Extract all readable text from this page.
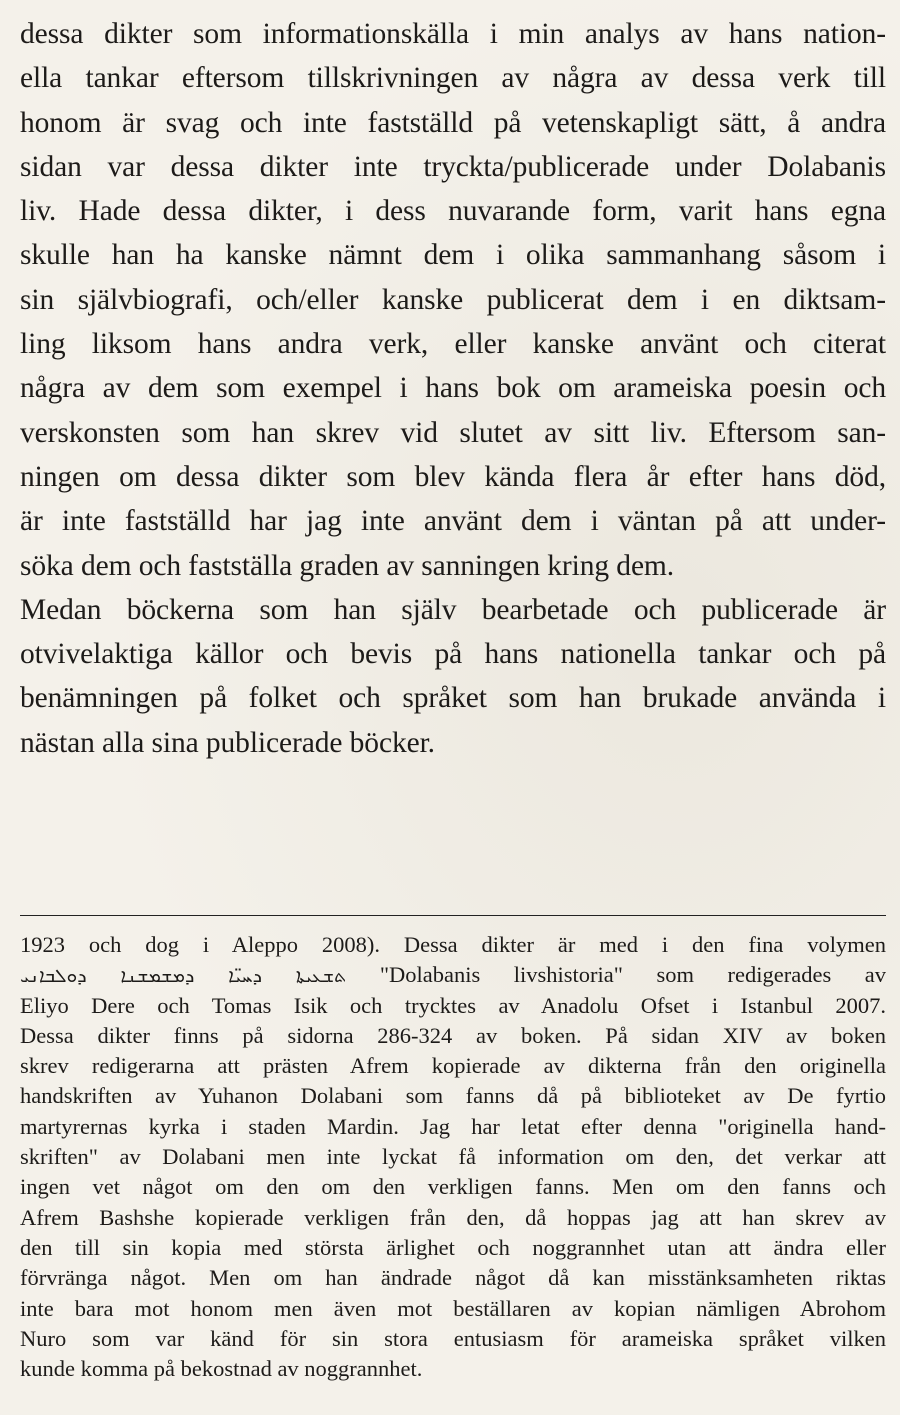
dessa dikter som informationskälla i min analys av hans nation-
ella tankar eftersom tillskrivningen av några av dessa verk till
honom är svag och inte fastställd på vetenskapligt sätt, å andra
sidan var dessa dikter inte tryckta/publicerade under Dolabanis
liv. Hade dessa dikter, i dess nuvarande form, varit hans egna
skulle han ha kanske nämnt dem i olika sammanhang såsom i
sin självbiografi, och/eller kanske publicerat dem i en diktsam-
ling liksom hans andra verk, eller kanske använt och citerat
några av dem som exempel i hans bok om arameiska poesin och
verskonsten som han skrev vid slutet av sitt liv. Eftersom san-
ningen om dessa dikter som blev kända flera år efter hans död,
är inte fastställd har jag inte använt dem i väntan på att under-
söka dem och fastställa graden av sanningen kring dem.
Medan böckerna som han själv bearbetade och publicerade är
otvivelaktiga källor och bevis på hans nationella tankar och på
benämningen på folket och språket som han brukade använda i
nästan alla sina publicerade böcker.
1923 och dog i Aleppo 2008). Dessa dikter är med i den fina volymen
ܬܫܥܝܬܐ ܕܚܝ̈ܐ ܕܡܫܡܫܢܐ ܕܘܠܒܐܢܝ "Dolabanis livshistoria" som redigerades av
Eliyo Dere och Tomas Isik och trycktes av Anadolu Ofset i Istanbul 2007.
Dessa dikter finns på sidorna 286-324 av boken. På sidan XIV av boken
skrev redigerarna att prästen Afrem kopierade av dikterna från den originella
handskriften av Yuhanon Dolabani som fanns då på biblioteket av De fyrtio
martyrernas kyrka i staden Mardin. Jag har letat efter denna "originella hand-
skriften" av Dolabani men inte lyckat få information om den, det verkar att
ingen vet något om den om den verkligen fanns. Men om den fanns och
Afrem Bashshe kopierade verkligen från den, då hoppas jag att han skrev av
den till sin kopia med största ärlighet och noggrannhet utan att ändra eller
förvränga något. Men om han ändrade något då kan misstänksamheten riktas
inte bara mot honom men även mot beställaren av kopian nämligen Abrohom
Nuro som var känd för sin stora entusiasm för arameiska språket vilken
kunde komma på bekostnad av noggrannhet.
